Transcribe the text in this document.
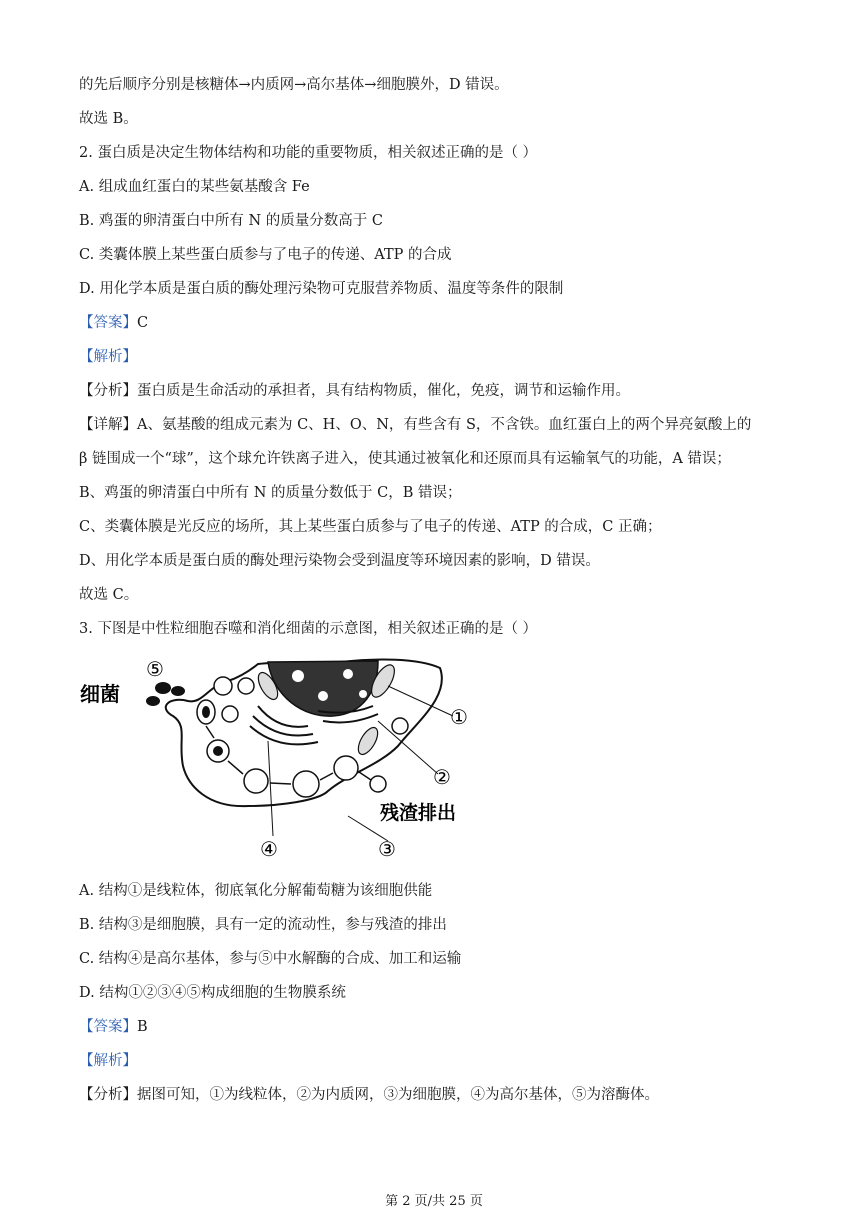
的先后顺序分别是核糖体→内质网→高尔基体→细胞膜外，D 错误。
故选 B。
2. 蛋白质是决定生物体结构和功能的重要物质，相关叙述正确的是（ ）
A. 组成血红蛋白的某些氨基酸含 Fe
B. 鸡蛋的卵清蛋白中所有 N 的质量分数高于 C
C. 类囊体膜上某些蛋白质参与了电子的传递、ATP 的合成
D. 用化学本质是蛋白质的酶处理污染物可克服营养物质、温度等条件的限制
【答案】C
【解析】
【分析】蛋白质是生命活动的承担者，具有结构物质，催化，免疫，调节和运输作用。
【详解】A、氨基酸的组成元素为 C、H、O、N，有些含有 S，不含铁。血红蛋白上的两个异亮氨酸上的
β 链围成一个“球”，这个球允许铁离子进入，使其通过被氧化和还原而具有运输氧气的功能，A 错误；
B、鸡蛋的卵清蛋白中所有 N 的质量分数低于 C，B 错误；
C、类囊体膜是光反应的场所，其上某些蛋白质参与了电子的传递、ATP 的合成，C 正确；
D、用化学本质是蛋白质的酶处理污染物会受到温度等环境因素的影响，D 错误。
故选 C。
3. 下图是中性粒细胞吞噬和消化细菌的示意图，相关叙述正确的是（ ）
细菌
残渣排出
①
②
③
④
⑤
A. 结构①是线粒体，彻底氧化分解葡萄糖为该细胞供能
B. 结构③是细胞膜，具有一定的流动性，参与残渣的排出
C. 结构④是高尔基体，参与⑤中水解酶的合成、加工和运输
D. 结构①②③④⑤构成细胞的生物膜系统
【答案】B
【解析】
【分析】据图可知，①为线粒体，②为内质网，③为细胞膜，④为高尔基体，⑤为溶酶体。
第 2 页/共 25 页
